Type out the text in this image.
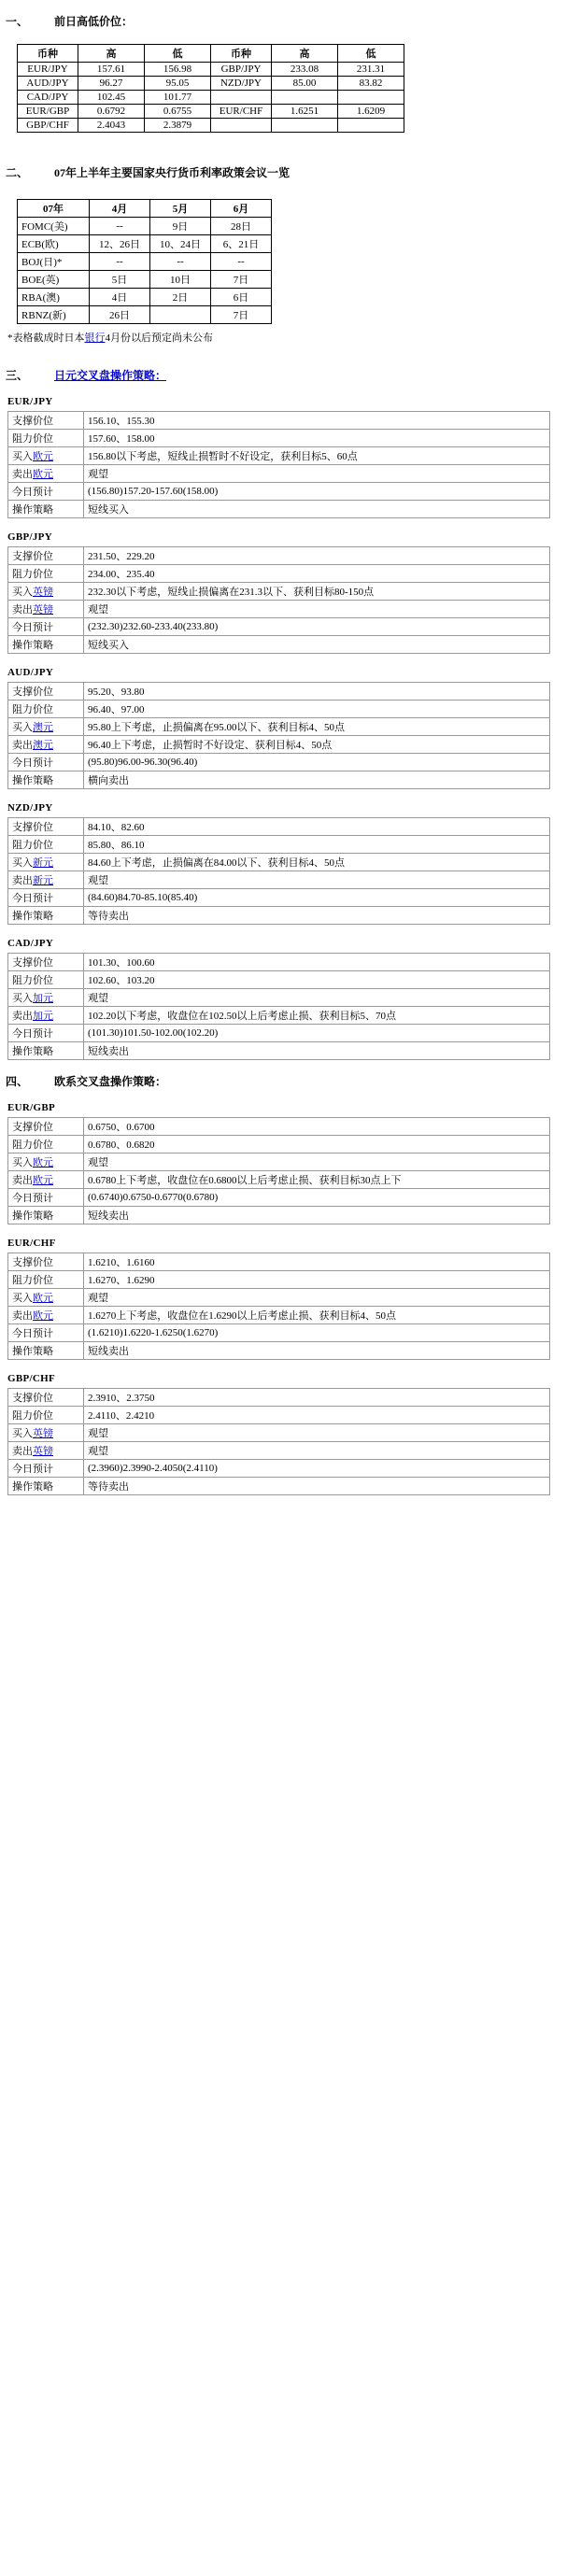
一、	前日高低价位：
币种	高	低	币种	高	低
EUR/JPY	157.61	156.98	GBP/JPY	233.08	231.31
AUD/JPY	96.27	95.05	NZD/JPY	85.00	83.82
CAD/JPY	102.45	101.77			
EUR/GBP	0.6792	0.6755	EUR/CHF	1.6251	1.6209
GBP/CHF	2.4043	2.3879			
二、	07年上半年主要国家央行货币利率政策会议一览
07年	4月	5月	6月
FOMC(美)	--	9日	28日
ECB(欧)	12、26日	10、24日	6、21日
BOJ(日)*	--	--	--
BOE(英)	5日	10日	7日
RBA(澳)	4日	2日	6日
RBNZ(新)	26日		7日
*表格截成时日本银行4月份以后预定尚未公布
三、	日元交叉盘操作策略：
EUR/JPY
支撑价位	156.10、155.30
阻力价位	157.60、158.00
买入欧元	156.80以下考虑，短线止损暂时不好设定，获利目标5、60点
卖出欧元	观望
今日预计	(156.80)157.20-157.60(158.00)
操作策略	短线买入
GBP/JPY
支撑价位	231.50、229.20
阻力价位	234.00、235.40
买入英镑	232.30以下考虑，短线止损偏离在231.3以下、获利目标80-150点
卖出英镑	观望
今日预计	(232.30)232.60-233.40(233.80)
操作策略	短线买入
AUD/JPY
支撑价位	95.20、93.80
阻力价位	96.40、97.00
买入澳元	95.80上下考虑，止损偏离在95.00以下、获利目标4、50点
卖出澳元	96.40上下考虑，止损暂时不好设定、获利目标4、50点
今日预计	(95.80)96.00-96.30(96.40)
操作策略	横向卖出
NZD/JPY
支撑价位	84.10、82.60
阻力价位	85.80、86.10
买入新元	84.60上下考虑，止损偏离在84.00以下、获利目标4、50点
卖出新元	观望
今日预计	(84.60)84.70-85.10(85.40)
操作策略	等待卖出
CAD/JPY
支撑价位	101.30、100.60
阻力价位	102.60、103.20
买入加元	观望
卖出加元	102.20以下考虑，收盘位在102.50以上后考虑止损、获利目标5、70点
今日预计	(101.30)101.50-102.00(102.20)
操作策略	短线卖出
四、	欧系交叉盘操作策略：
EUR/GBP
支撑价位	0.6750、0.6700
阻力价位	0.6780、0.6820
买入欧元	观望
卖出欧元	0.6780上下考虑，收盘位在0.6800以上后考虑止损、获利目标30点上下
今日预计	(0.6740)0.6750-0.6770(0.6780)
操作策略	短线卖出
EUR/CHF
支撑价位	1.6210、1.6160
阻力价位	1.6270、1.6290
买入欧元	观望
卖出欧元	1.6270上下考虑，收盘位在1.6290以上后考虑止损、获利目标4、50点
今日预计	(1.6210)1.6220-1.6250(1.6270)
操作策略	短线卖出
GBP/CHF
支撑价位	2.3910、2.3750
阻力价位	2.4110、2.4210
买入英镑	观望
卖出英镑	观望
今日预计	(2.3960)2.3990-2.4050(2.4110)
操作策略	等待卖出
